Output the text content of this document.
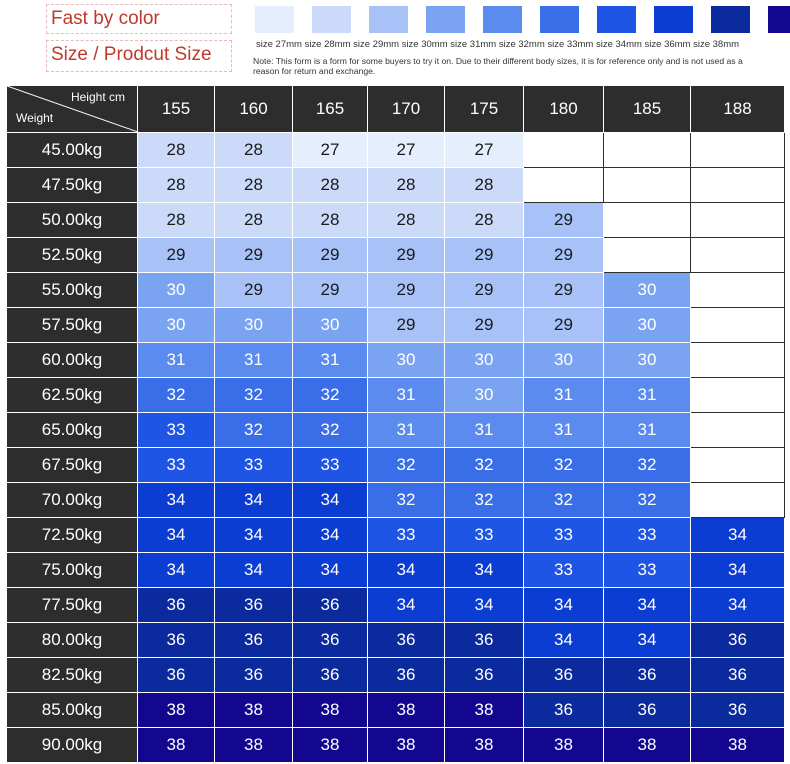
Fast by color
Size / Prodcut Size	size 27mm size 28mm size 29mm size 30mm size 31mm size 32mm size 33mm size 34mm size 36mm size 38mm
Note: This form is a form for some buyers to try it on. Due to their different body sizes, it is for reference only and is not used as a reason for return and exchange.
Height cm
Weight	155	160	165	170	175	180	185	188
45.00kg	28	28	27	27	27			
47.50kg	28	28	28	28	28			
50.00kg	28	28	28	28	28	29		
52.50kg	29	29	29	29	29	29		
55.00kg	30	29	29	29	29	29	30	
57.50kg	30	30	30	29	29	29	30	
60.00kg	31	31	31	30	30	30	30	
62.50kg	32	32	32	31	30	31	31	
65.00kg	33	32	32	31	31	31	31	
67.50kg	33	33	33	32	32	32	32	
70.00kg	34	34	34	32	32	32	32	
72.50kg	34	34	34	33	33	33	33	34
75.00kg	34	34	34	34	34	33	33	34
77.50kg	36	36	36	34	34	34	34	34
80.00kg	36	36	36	36	36	34	34	36
82.50kg	36	36	36	36	36	36	36	36
85.00kg	38	38	38	38	38	36	36	36
90.00kg	38	38	38	38	38	38	38	38
